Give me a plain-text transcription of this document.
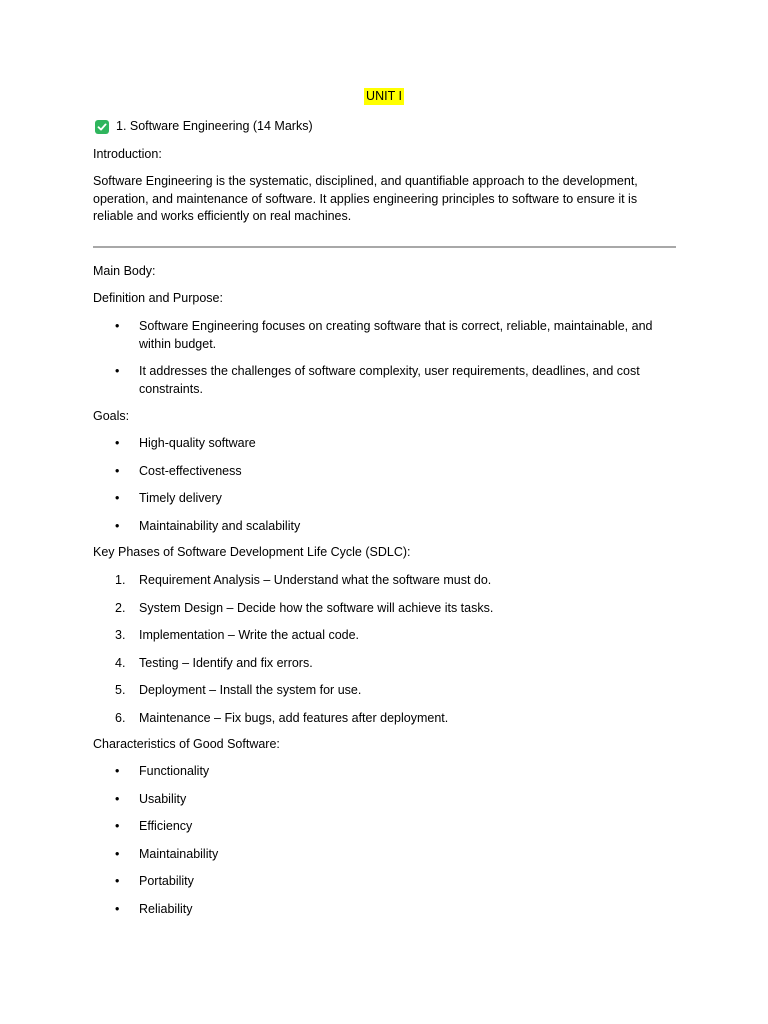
UNIT I
1. Software Engineering (14 Marks)

Introduction:

Software Engineering is the systematic, disciplined, and quantifiable approach to the development, operation, and maintenance of software. It applies engineering principles to software to ensure it is reliable and works efficiently on real machines.

Main Body:

Definition and Purpose:

• Software Engineering focuses on creating software that is correct, reliable, maintainable, and within budget.
• It addresses the challenges of software complexity, user requirements, deadlines, and cost constraints.

Goals:

• High-quality software
• Cost-effectiveness
• Timely delivery
• Maintainability and scalability

Key Phases of Software Development Life Cycle (SDLC):

1. Requirement Analysis – Understand what the software must do.
2. System Design – Decide how the software will achieve its tasks.
3. Implementation – Write the actual code.
4. Testing – Identify and fix errors.
5. Deployment – Install the system for use.
6. Maintenance – Fix bugs, add features after deployment.

Characteristics of Good Software:

• Functionality
• Usability
• Efficiency
• Maintainability
• Portability
• Reliability
